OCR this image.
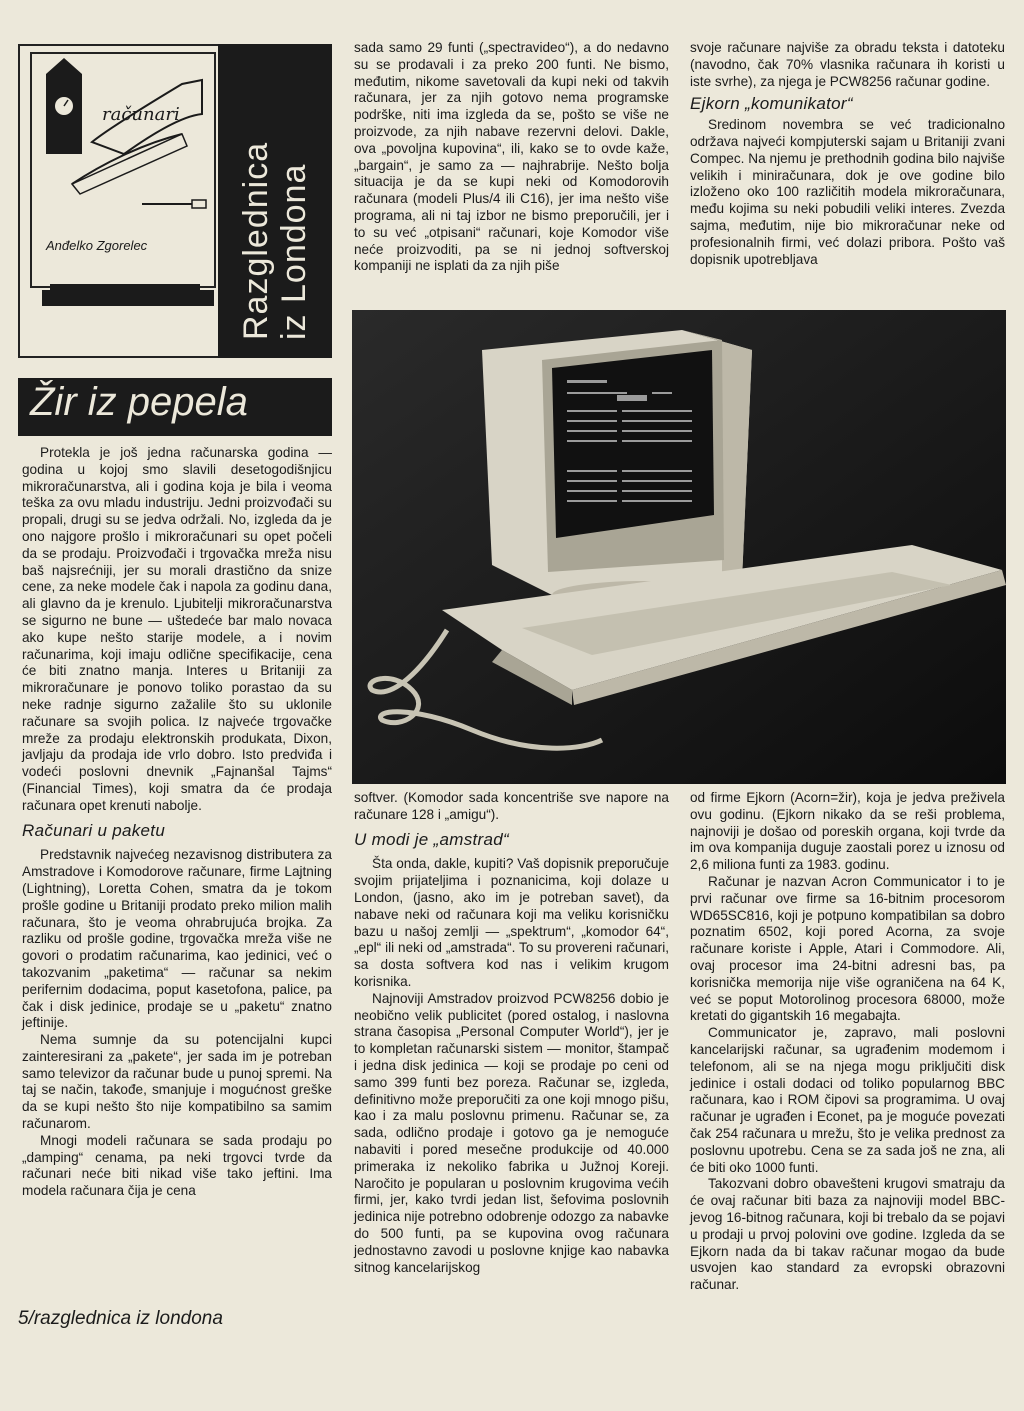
računari
Anđelko Zgorelec	Razglednica iz Londona
Žir iz pepela

Protekla je još jedna računarska godina — godina u kojoj smo slavili desetogodišnjicu mikroračunarstva, ali i godina koja je bila i veoma teška za ovu mladu industriju. Jedni proizvođači su propali, drugi su se jedva održali. No, izgleda da je ono najgore prošlo i mikroračunari su opet počeli da se prodaju. Proizvođači i trgovačka mreža nisu baš najsrećniji, jer su morali drastično da snize cene, za neke modele čak i napola za godinu dana, ali glavno da je krenulo. Ljubitelji mikroračunarstva se sigurno ne bune — uštedeće bar malo novaca ako kupe nešto starije modele, a i novim računarima, koji imaju odlične specifikacije, cena će biti znatno manja. Interes u Britaniji za mikroračunare je ponovo toliko porastao da su neke radnje sigurno zažalile što su uklonile računare sa svojih polica. Iz najveće trgovačke mreže za prodaju elektronskih produkata, Dixon, javljaju da prodaja ide vrlo dobro. Isto predviđa i vodeći poslovni dnevnik „Fajnanšal Tajms“ (Financial Times), koji smatra da će prodaja računara opet krenuti nabolje.

Računari u paketu

Predstavnik najvećeg nezavisnog distributera za Amstradove i Komodorove računare, firme Lajtning (Lightning), Loretta Cohen, smatra da je tokom prošle godine u Britaniji prodato preko milion malih računara, što je veoma ohrabrujuća brojka. Za razliku od prošle godine, trgovačka mreža više ne govori o prodatim računarima, kao jedinici, već o takozvanim „paketima“ — računar sa nekim perifernim dodacima, poput kasetofona, palice, pa čak i disk jedinice, prodaje se u „paketu“ znatno jeftinije.

Nema sumnje da su potencijalni kupci zainteresirani za „pakete“, jer sada im je potreban samo televizor da računar bude u punoj spremi. Na taj se način, takođe, smanjuje i mogućnost greške da se kupi nešto što nije kompatibilno sa samim računarom.

Mnogi modeli računara se sada prodaju po „damping“ cenama, pa neki trgovci tvrde da računari neće biti nikad više tako jeftini. Ima modela računara čija je cena

sada samo 29 funti („spectravideo“), a do nedavno su se prodavali i za preko 200 funti. Ne bismo, međutim, nikome savetovali da kupi neki od takvih računara, jer za njih gotovo nema programske podrške, niti ima izgleda da se, pošto se više ne proizvode, za njih nabave rezervni delovi. Dakle, ova „povoljna kupovina“, ili, kako se to ovde kaže, „bargain“, je samo za — najhrabrije. Nešto bolja situacija je da se kupi neki od Komodorovih računara (modeli Plus/4 ili C16), jer ima nešto više programa, ali ni taj izbor ne bismo preporučili, jer i to su već „otpisani“ računari, koje Komodor više neće proizvoditi, pa se ni jednoj softverskoj kompaniji ne isplati da za njih piše

svoje računare najviše za obradu teksta i datoteku (navodno, čak 70% vlasnika računara ih koristi u iste svrhe), za njega je PCW8256 računar godine.

Ejkorn „komunikator“

Sredinom novembra se već tradicionalno održava najveći kompjuterski sajam u Britaniji zvani Compec. Na njemu je prethodnih godina bilo najviše velikih i miniračunara, dok je ove godine bilo izloženo oko 100 različitih modela mikroračunara, među kojima su neki pobudili veliki interes. Zvezda sajma, međutim, nije bio mikroračunar neke od profesionalnih firmi, već dolazi pribora. Pošto vaš dopisnik upotrebljava

softver. (Komodor sada koncentriše sve napore na računare 128 i „amigu“).

U modi je „amstrad“

Šta onda, dakle, kupiti? Vaš dopisnik preporučuje svojim prijateljima i poznanicima, koji dolaze u London, (jasno, ako im je potreban savet), da nabave neki od računara koji ma veliku korisničku bazu u našoj zemlji — „spektrum“, „komodor 64“, „epl“ ili neki od „amstrada“. To su provereni računari, sa dosta softvera kod nas i velikim krugom korisnika.

Najnoviji Amstradov proizvod PCW8256 dobio je neobično velik publicitet (pored ostalog, i naslovna strana časopisa „Personal Computer World“), jer je to kompletan računarski sistem — monitor, štampač i jedna disk jedinica — koji se prodaje po ceni od samo 399 funti bez poreza. Računar se, izgleda, definitivno može preporučiti za one koji mnogo pišu, kao i za malu poslovnu primenu. Računar se, za sada, odlično prodaje i gotovo ga je nemoguće nabaviti i pored mesečne produkcije od 40.000 primeraka iz nekoliko fabrika u Južnoj Koreji. Naročito je popularan u poslovnim krugovima većih firmi, jer, kako tvrdi jedan list, šefovima poslovnih jedinica nije potrebno odobrenje odozgo za nabavke do 500 funti, pa se kupovina ovog računara jednostavno zavodi u poslovne knjige kao nabavka sitnog kancelarijskog

od firme Ejkorn (Acorn=žir), koja je jedva preživela ovu godinu. (Ejkorn nikako da se reši problema, najnoviji je došao od poreskih organa, koji tvrde da im ova kompanija duguje zaostali porez u iznosu od 2,6 miliona funti za 1983. godinu.

Računar je nazvan Acron Communicator i to je prvi računar ove firme sa 16-bitnim procesorom WD65SC816, koji je potpuno kompatibilan sa dobro poznatim 6502, koji pored Acorna, za svoje računare koriste i Apple, Atari i Commodore. Ali, ovaj procesor ima 24-bitni adresni bas, pa korisnička memorija nije više ograničena na 64 K, već se poput Motorolinog procesora 68000, može kretati do gigantskih 16 megabajta.

Communicator je, zapravo, mali poslovni kancelarijski računar, sa ugrađenim modemom i telefonom, ali se na njega mogu priključiti disk jedinice i ostali dodaci od toliko popularnog BBC računara, kao i ROM čipovi sa programima. U ovaj računar je ugrađen i Econet, pa je moguće povezati čak 254 računara u mrežu, što je velika prednost za poslovnu upotrebu. Cena se za sada još ne zna, ali će biti oko 1000 funti.

Takozvani dobro obavešteni krugovi smatraju da će ovaj računar biti baza za najnoviji model BBC-jevog 16-bitnog računara, koji bi trebalo da se pojavi u prodaji u prvoj polovini ove godine. Izgleda da se Ejkorn nada da bi takav računar mogao da bude usvojen kao standard za evropski obrazovni računar.

5/razglednica iz londona
